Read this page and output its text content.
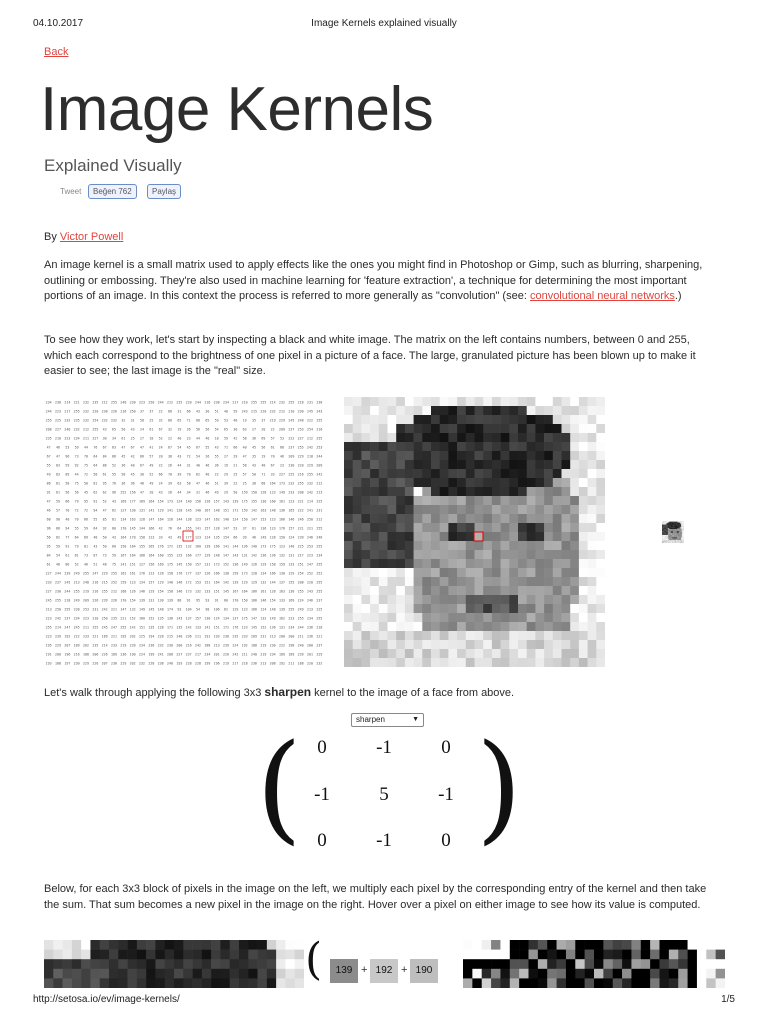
04.10.2017	Image Kernels explained visually
Back
Image Kernels
Explained Visually
Tweet	Beğen 762	Paylaş
By Victor Powell
An image kernel is a small matrix used to apply effects like the ones you might find in Photoshop or Gimp, such as blurring, sharpening, outlining or embossing. They're also used in machine learning for 'feature extraction', a technique for determining the most important portions of an image. In this context the process is referred to more generally as "convolution" (see: convolutional neural networks.)
To see how they work, let's start by inspecting a black and white image. The matrix on the left contains numbers, between 0 and 255, which each correspond to the brightness of one pixel in a picture of a face. The large, granulated picture has been blown up to make it easier to see; the last image is the "real" size.
234 238 214 221 232 235 212 255 240 230 223 250 244 212 235 220 244 216 238 234 217 210 255 255 214 232 255 218 231 238
244 223 217 255 232 220 238 226 216 250 37 37 22 68 31 66 43 30 51 40 59 243 215 220 232 212 210 230 245 243
255 225 232 235 232 254 232 232 32 31 58 25 32 60 65 71 68 65 59 53 48 19 35 37 219 229 245 248 222 255
208 227 240 232 212 255 43 65 50 43 24 61 67 32 19 26 56 56 54 65 30 63 27 20 22 209 237 253 254 216
235 210 223 234 211 227 30 34 61 25 27 18 52 22 40 23 44 40 18 59 42 58 36 69 57 53 222 227 212 255
47 46 53 59 44 76 67 63 47 67 47 41 24 67 54 45 67 55 43 71 66 40 45 56 61 68 237 255 242 253
67 47 96 73 78 64 84 86 45 42 66 57 20 38 43 72 54 26 55 27 29 47 35 19 70 46 209 229 218 244
55 83 59 92 75 64 88 52 36 40 67 49 22 26 44 31 40 46 36 19 21 58 43 48 67 23 230 220 229 209
49 83 89 44 72 58 61 55 58 45 30 52 66 70 39 70 62 40 22 29 25 57 50 71 33 227 225 216 255 242
86 81 58 75 50 81 95 76 36 36 48 49 24 39 63 58 47 46 51 39 22 25 38 68 164 173 232 255 232 212
91 61 56 56 45 62 62 96 252 156 47 20 43 26 44 34 31 46 49 29 50 159 150 128 123 149 233 208 242 213
47 59 66 79 95 91 52 43 169 177 169 164 154 173 124 140 156 126 157 143 139 175 155 130 160 161 123 221 214 225
46 57 70 72 72 94 47 62 127 130 131 141 129 141 128 145 140 167 148 151 171 159 142 163 148 136 165 222 241 231
68 90 48 70 66 55 85 81 134 163 128 147 164 126 144 138 123 147 162 140 124 150 147 153 123 166 146 246 250 212
96 86 94 55 59 64 92 80 170 145 144 166 42 76 64 155 141 157 128 147 53 37 61 136 123 176 157 221 221 255
56 82 77 64 89 48 50 43 164 170 158 123 33 43 49 177 123 124 135 154 66 39 46 149 128 150 124 239 246 246
95 59 91 79 81 43 50 60 150 164 155 165 176 172 135 132 160 139 166 141 144 136 140 173 175 123 140 225 253 255
84 54 61 81 73 87 73 59 167 164 168 164 160 155 125 166 177 129 148 147 143 131 142 136 136 132 131 217 223 234
61 48 80 52 46 51 48 75 141 151 127 156 169 175 145 150 157 131 173 152 136 149 126 129 158 159 133 251 247 255
227 244 239 249 255 247 229 255 162 161 176 123 128 158 176 177 137 126 166 138 159 173 128 134 166 130 129 254 252 252
233 237 245 213 248 216 215 252 159 123 134 157 129 140 146 172 153 151 164 142 139 129 129 132 144 137 155 208 220 255
227 230 244 255 219 216 255 212 168 126 146 129 154 158 146 173 132 133 151 145 167 164 166 161 128 163 138 255 243 255
245 255 218 249 209 226 239 226 170 154 139 131 130 139 88 91 95 93 91 60 170 150 166 146 154 133 169 224 246 237
213 250 255 230 253 231 242 221 147 132 149 145 148 174 93 104 54 98 106 62 129 123 166 124 148 139 255 249 213 225
223 242 237 234 223 210 250 235 221 152 160 152 135 136 143 137 157 130 124 134 137 175 147 132 149 162 223 255 234 255
255 214 247 245 211 255 245 247 255 142 151 135 128 171 135 142 133 141 151 172 176 123 145 152 136 131 234 244 236 218
223 239 192 222 233 221 189 221 195 202 225 194 228 215 240 236 211 191 193 238 235 233 209 231 213 200 200 211 236 221
195 229 207 189 202 235 214 233 219 239 234 236 232 230 200 216 242 188 213 239 224 192 188 219 230 222 198 240 200 237
191 200 196 216 188 206 226 189 236 190 224 199 241 208 227 237 217 234 201 220 242 211 240 219 234 189 189 239 201 229
193 188 197 230 229 226 207 236 229 202 232 228 238 240 193 228 228 199 196 219 217 218 236 213 208 192 211 188 220 232
Let's walk through applying the following 3x3 sharpen kernel to the image of a face from above.
sharpen	▼
( )
0	-1	0
-1	5	-1
0	-1	0
Below, for each 3x3 block of pixels in the image on the left, we multiply each pixel by the corresponding entry of the kernel and then take the sum. That sum becomes a new pixel in the image on the right. Hover over a pixel on either image to see how its value is computed.
(	139 + 192 + 190
http://setosa.io/ev/image-kernels/	1/5
